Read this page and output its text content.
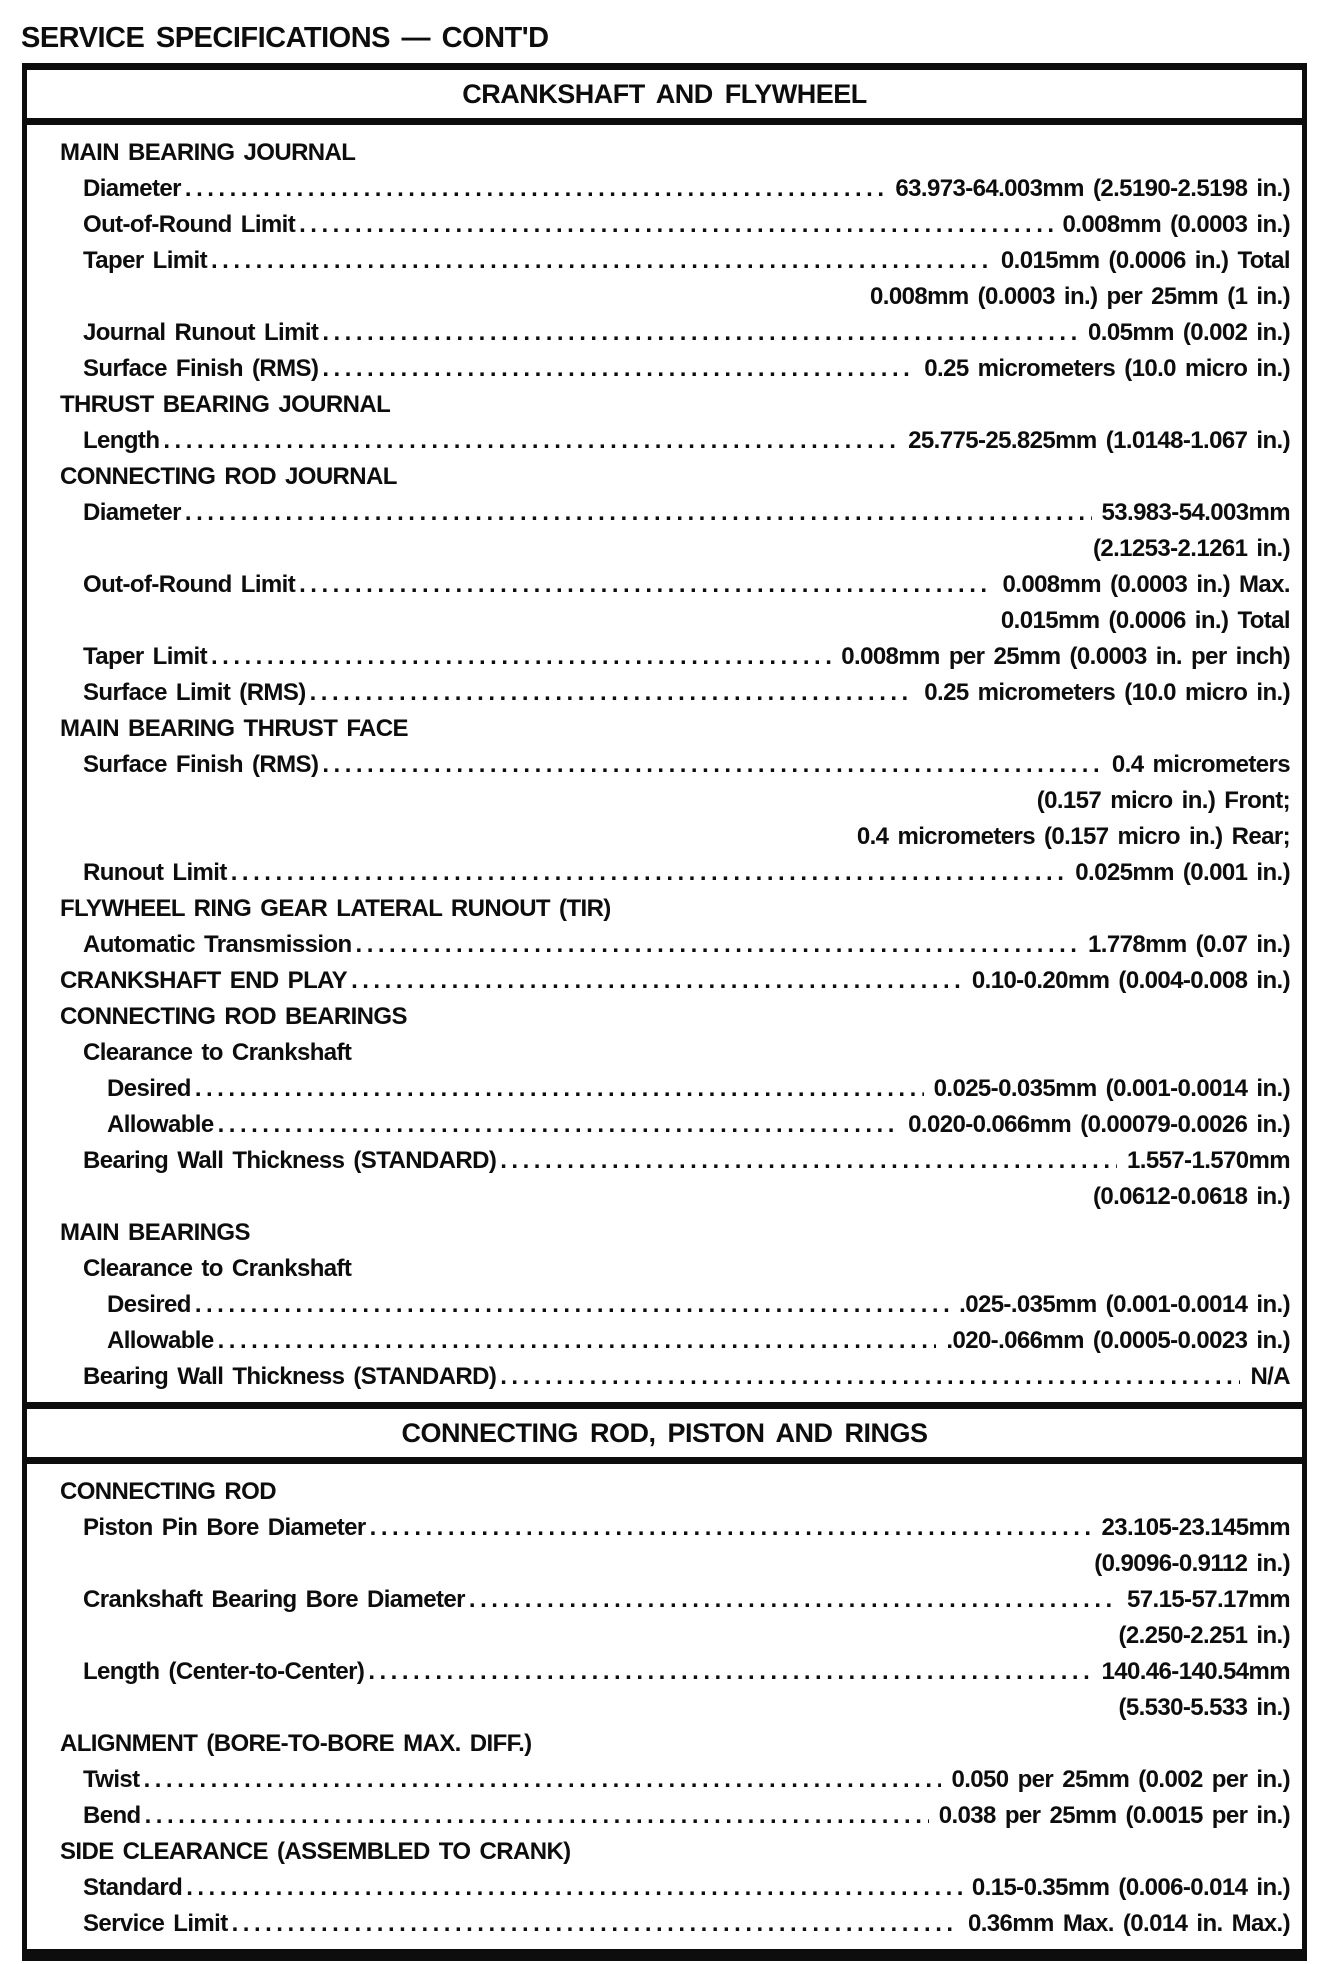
SERVICE SPECIFICATIONS — CONT'D
CRANKSHAFT AND FLYWHEEL
MAIN BEARING JOURNAL
Diameter .....	63.973-64.003mm (2.5190-2.5198 in.)
Out-of-Round Limit .....	0.008mm (0.0003 in.)
Taper Limit .....	0.015mm (0.0006 in.) Total
0.008mm (0.0003 in.) per 25mm (1 in.)
Journal Runout Limit .....	0.05mm (0.002 in.)
Surface Finish (RMS) .....	0.25 micrometers (10.0 micro in.)
THRUST BEARING JOURNAL
Length .....	25.775-25.825mm (1.0148-1.067 in.)
CONNECTING ROD JOURNAL
Diameter .....	53.983-54.003mm
(2.1253-2.1261 in.)
Out-of-Round Limit .....	0.008mm (0.0003 in.) Max.
0.015mm (0.0006 in.) Total
Taper Limit .....	0.008mm per 25mm (0.0003 in. per inch)
Surface Limit (RMS) .....	0.25 micrometers (10.0 micro in.)
MAIN BEARING THRUST FACE
Surface Finish (RMS) .....	0.4 micrometers
(0.157 micro in.) Front;
0.4 micrometers (0.157 micro in.) Rear;
Runout Limit .....	0.025mm (0.001 in.)
FLYWHEEL RING GEAR LATERAL RUNOUT (TIR)
Automatic Transmission .....	1.778mm (0.07 in.)
CRANKSHAFT END PLAY .....	0.10-0.20mm (0.004-0.008 in.)
CONNECTING ROD BEARINGS
Clearance to Crankshaft
Desired .....	0.025-0.035mm (0.001-0.0014 in.)
Allowable .....	0.020-0.066mm (0.00079-0.0026 in.)
Bearing Wall Thickness (STANDARD) .....	1.557-1.570mm
(0.0612-0.0618 in.)
MAIN BEARINGS
Clearance to Crankshaft
Desired .....	.025-.035mm (0.001-0.0014 in.)
Allowable .....	.020-.066mm (0.0005-0.0023 in.)
Bearing Wall Thickness (STANDARD) .....	N/A
CONNECTING ROD, PISTON AND RINGS
CONNECTING ROD
Piston Pin Bore Diameter .....	23.105-23.145mm
(0.9096-0.9112 in.)
Crankshaft Bearing Bore Diameter .....	57.15-57.17mm
(2.250-2.251 in.)
Length (Center-to-Center) .....	140.46-140.54mm
(5.530-5.533 in.)
ALIGNMENT (BORE-TO-BORE MAX. DIFF.)
Twist .....	0.050 per 25mm (0.002 per in.)
Bend .....	0.038 per 25mm (0.0015 per in.)
SIDE CLEARANCE (ASSEMBLED TO CRANK)
Standard .....	0.15-0.35mm (0.006-0.014 in.)
Service Limit .....	0.36mm Max. (0.014 in. Max.)
